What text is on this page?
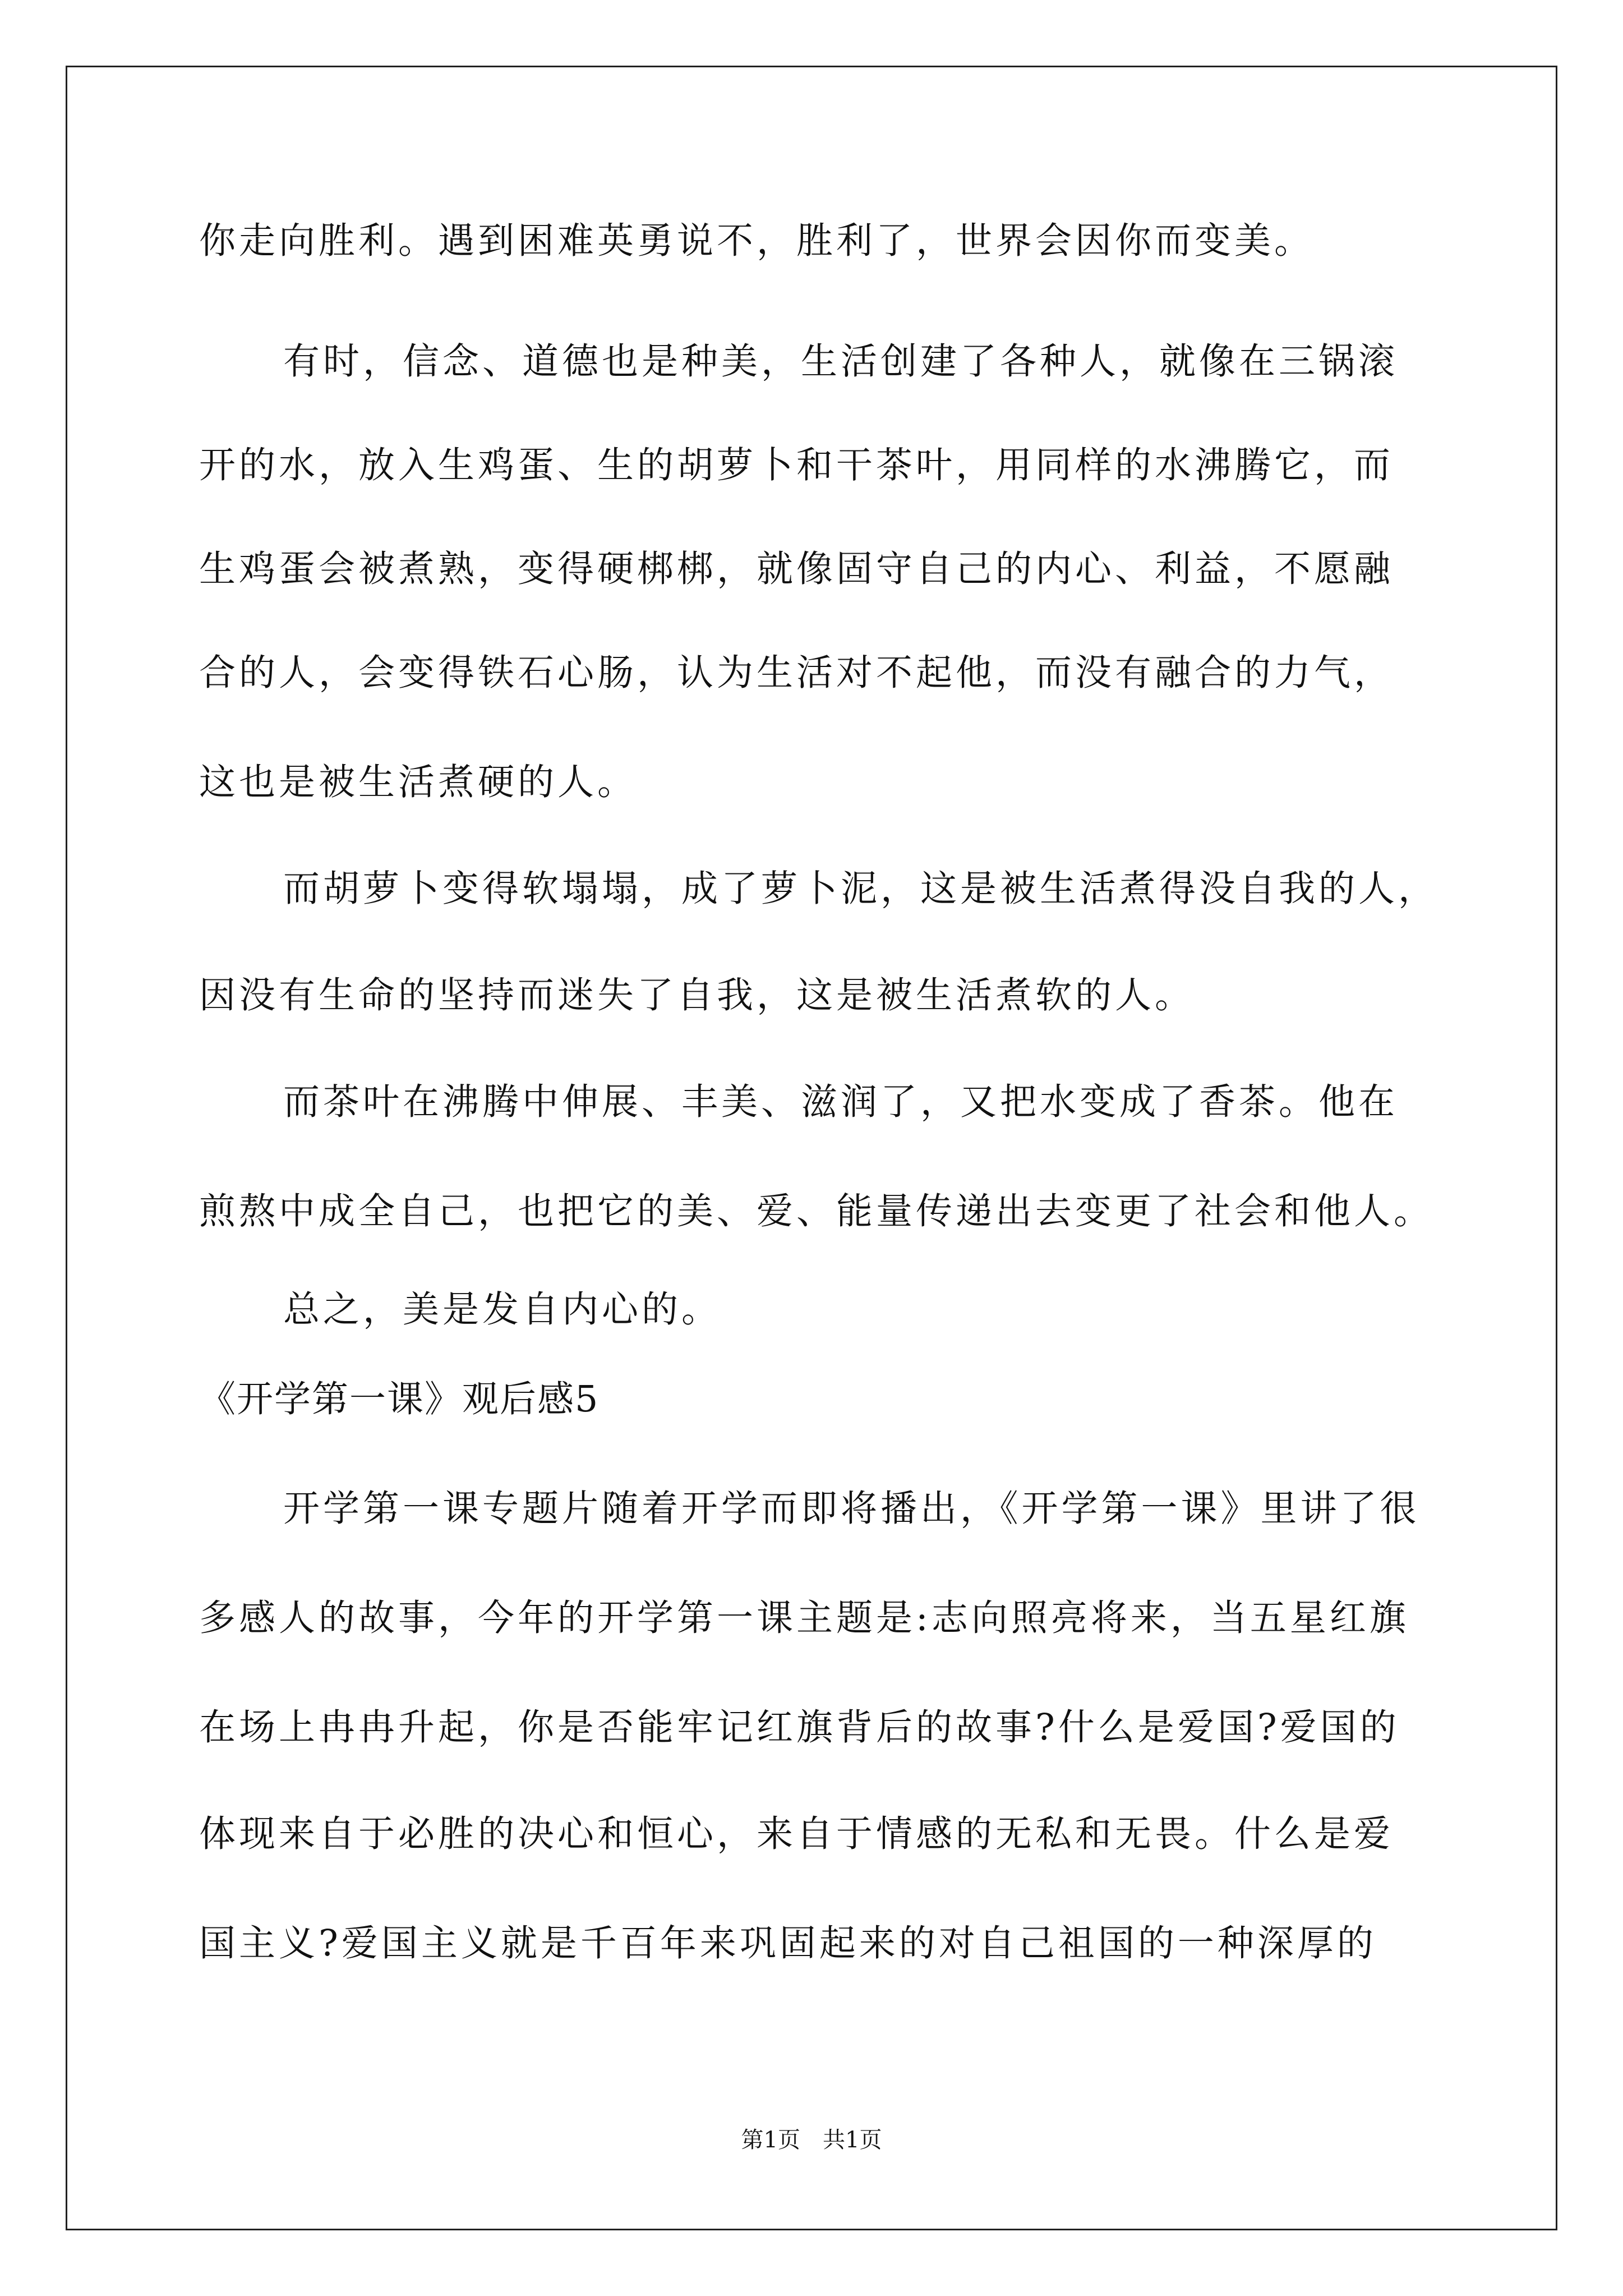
你走向胜利。遇到困难英勇说不，胜利了，世界会因你而变美。
有时，信念、道德也是种美，生活创建了各种人，就像在三锅滚
开的水，放入生鸡蛋、生的胡萝卜和干茶叶，用同样的水沸腾它，而
生鸡蛋会被煮熟，变得硬梆梆，就像固守自己的内心、利益，不愿融
合的人，会变得铁石心肠，认为生活对不起他，而没有融合的力气，
这也是被生活煮硬的人。
而胡萝卜变得软塌塌，成了萝卜泥，这是被生活煮得没自我的人，
因没有生命的坚持而迷失了自我，这是被生活煮软的人。
而茶叶在沸腾中伸展、丰美、滋润了，又把水变成了香茶。他在
煎熬中成全自己，也把它的美、爱、能量传递出去变更了社会和他人。
总之，美是发自内心的。
《开学第一课》观后感5
开学第一课专题片随着开学而即将播出，《开学第一课》里讲了很
多感人的故事，今年的开学第一课主题是:志向照亮将来，当五星红旗
在场上冉冉升起，你是否能牢记红旗背后的故事?什么是爱国?爱国的
体现来自于必胜的决心和恒心，来自于情感的无私和无畏。什么是爱
国主义?爱国主义就是千百年来巩固起来的对自己祖国的一种深厚的
第1页　共1页
